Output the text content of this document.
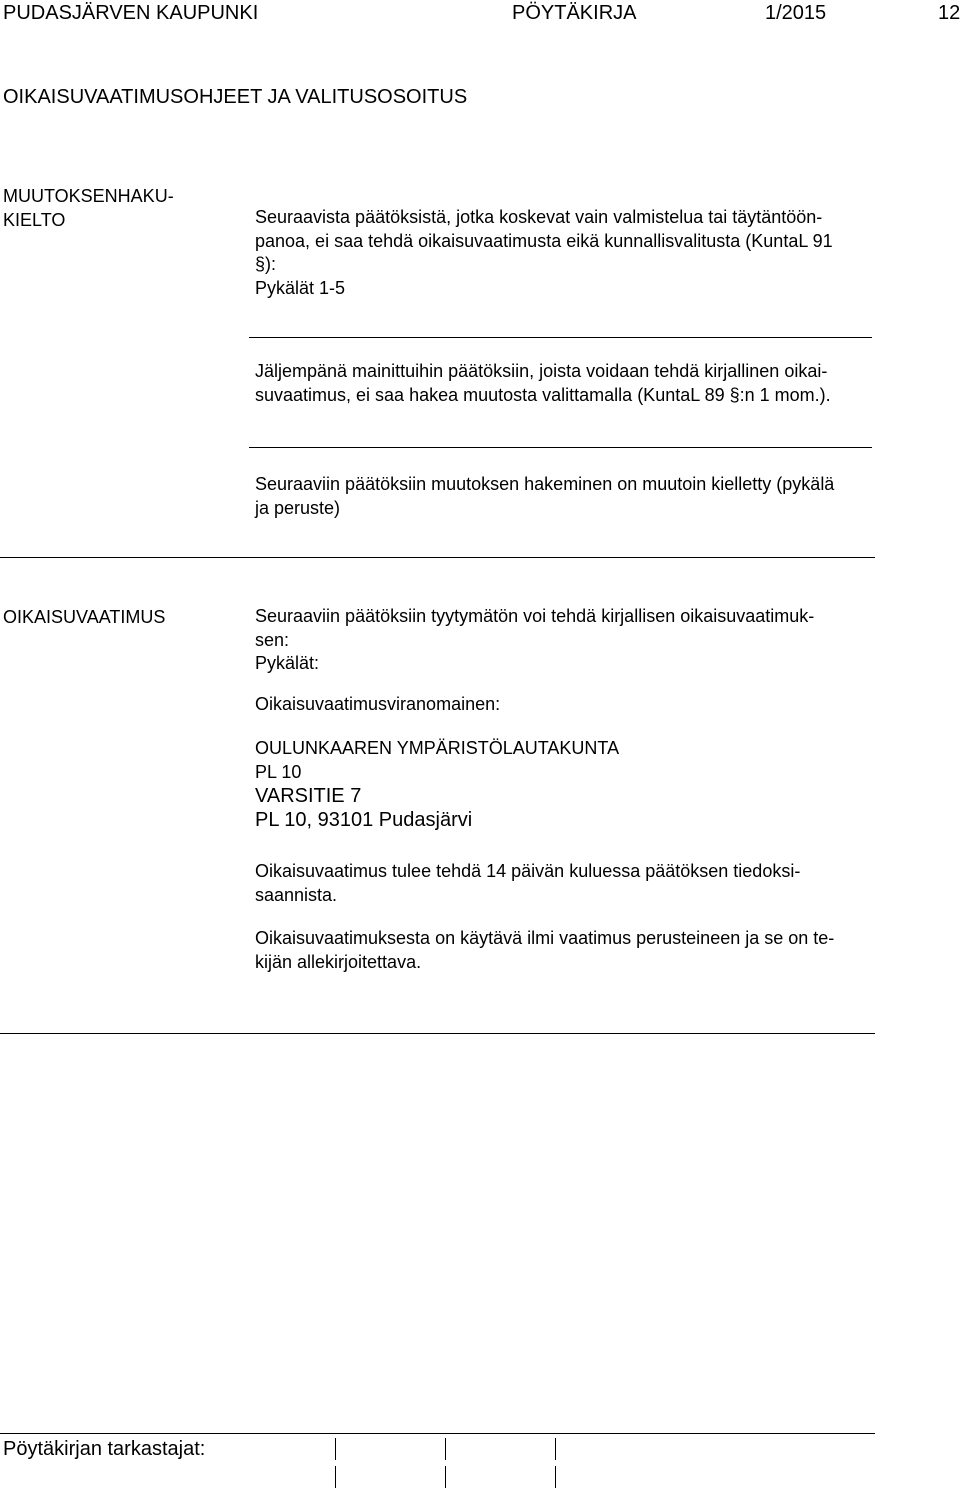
PUDASJÄRVEN KAUPUNKI	PÖYTÄKIRJA	1/2015	12
OIKAISUVAATIMUSOHJEET JA VALITUSOSOITUS
MUUTOKSENHAKU-
KIELTO	Seuraavista päätöksistä, jotka koskevat vain valmistelua tai täytäntöön-
panoa, ei saa tehdä oikaisuvaatimusta eikä kunnallisvalitusta (KuntaL 91
§):
Pykälät 1-5
Jäljempänä mainittuihin päätöksiin, joista voidaan tehdä kirjallinen oikai-
suvaatimus, ei saa hakea muutosta valittamalla (KuntaL 89 §:n 1 mom.).
Seuraaviin päätöksiin muutoksen hakeminen on muutoin kielletty (pykälä
ja peruste)
OIKAISUVAATIMUS	Seuraaviin päätöksiin tyytymätön voi tehdä kirjallisen oikaisuvaatimuk-
sen:
Pykälät:
Oikaisuvaatimusviranomainen:
OULUNKAAREN YMPÄRISTÖLAUTAKUNTA
PL 10
VARSITIE 7
PL 10, 93101 Pudasjärvi
Oikaisuvaatimus tulee tehdä 14 päivän kuluessa päätöksen tiedoksi-
saannista.
Oikaisuvaatimuksesta on käytävä ilmi vaatimus perusteineen ja se on te-
kijän allekirjoitettava.
Pöytäkirjan tarkastajat:
